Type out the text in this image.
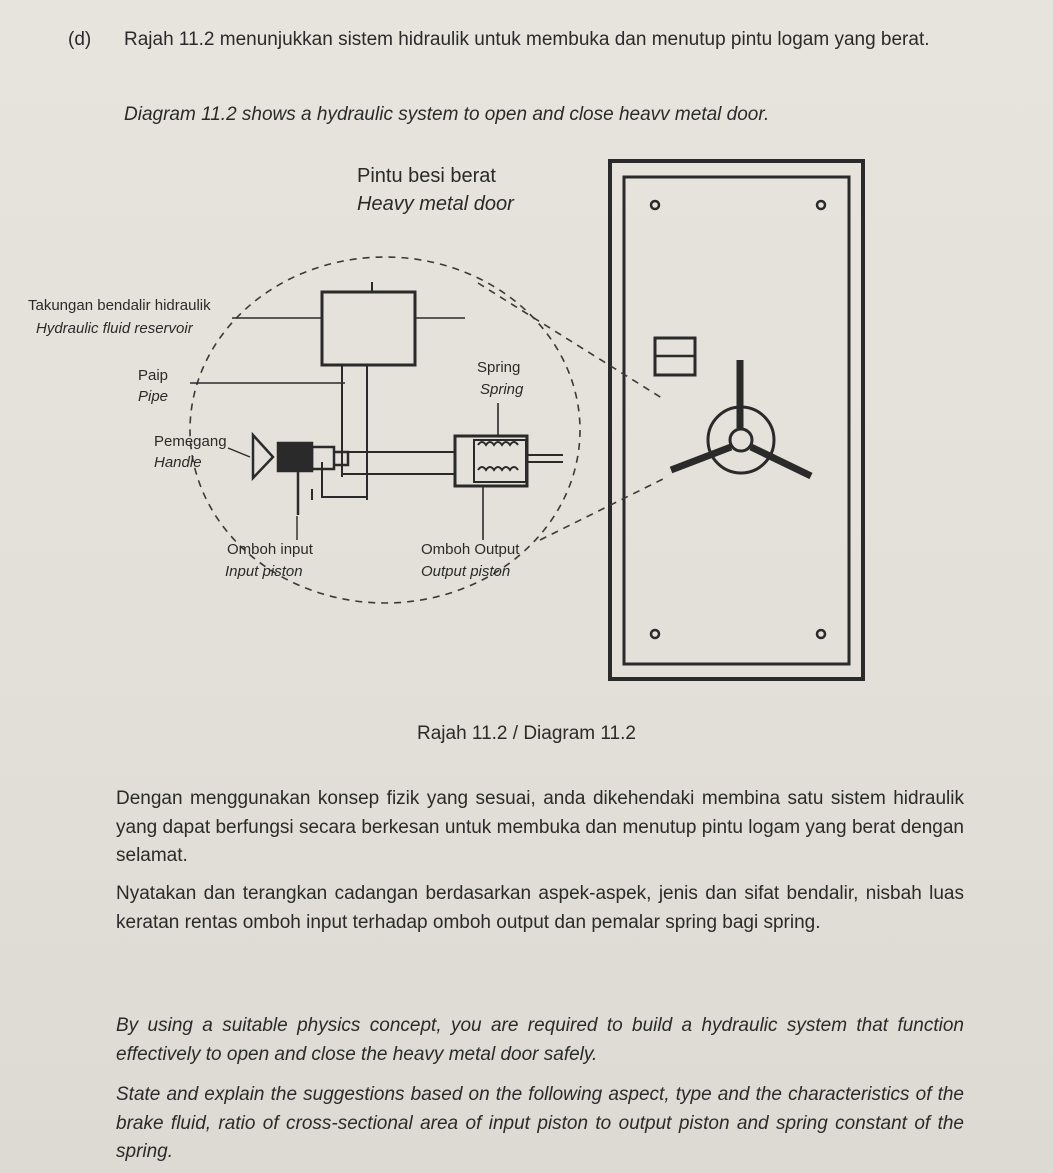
(d) Rajah 11.2 menunjukkan sistem hidraulik untuk membuka dan menutup pintu logam yang berat.
Diagram 11.2 shows a hydraulic system to open and close heavv metal door.
Pintu besi berat
Heavy metal door
Takungan bendalir hidraulik
Hydraulic fluid reservoir
Paip
Pipe
Spring
Spring
Pemegang
Handle
Omboh input
Input piston
Omboh Output
Output piston
Rajah 11.2 / Diagram 11.2
Dengan menggunakan konsep fizik yang sesuai, anda dikehendaki membina satu sistem hidraulik yang dapat berfungsi secara berkesan untuk membuka dan menutup pintu logam yang berat dengan selamat.
Nyatakan dan terangkan cadangan berdasarkan aspek-aspek, jenis dan sifat bendalir, nisbah luas keratan rentas omboh input terhadap omboh output dan pemalar spring bagi spring.
By using a suitable physics concept, you are required to build a hydraulic system that function effectively to open and close the heavy metal door safely.
State and explain the suggestions based on the following aspect, type and the characteristics of the brake fluid, ratio of cross-sectional area of input piston to output piston and spring constant of the spring.
